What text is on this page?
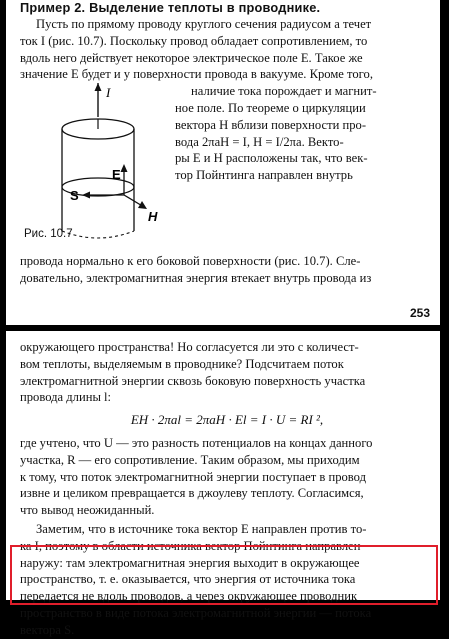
Пример 2. Выделение теплоты в проводнике.

Пусть по прямому проводу круглого сечения радиусом a течет

ток I (рис. 10.7). Поскольку провод обладает сопротивлением, то

вдоль него действует некоторое электрическое поле E. Такое же

значение E будет и у поверхности провода в вакууме. Кроме того,

I
E
S
H
Рис. 10.7

наличие тока порождает и магнит-

ное поле. По теореме о циркуляции

вектора H вблизи поверхности про-

вода 2πaH = I, H = I/2πa. Векто-

ры E и H расположены так, что век-

тор Пойнтинга направлен внутрь

провода нормально к его боковой поверхности (рис. 10.7). Сле-

довательно, электромагнитная энергия втекает внутрь провода из

253

окружающего пространства! Но согласуется ли это с количест-

вом теплоты, выделяемым в проводнике? Подсчитаем поток

электромагнитной энергии сквозь боковую поверхность участка

провода длины l:

EH · 2πal = 2πaH · El = I · U = RI ²,

где учтено, что U — это разность потенциалов на концах данного

участка, R — его сопротивление. Таким образом, мы приходим

к тому, что поток электромагнитной энергии поступает в провод

извне и целиком превращается в джоулеву теплоту. Согласимся,

что вывод неожиданный.

Заметим, что в источнике тока вектор E направлен против то-

ка I, поэтому в области источника вектор Пойнтинга направлен

наружу: там электромагнитная энергия выходит в окружающее

пространство, т. е. оказывается, что энергия от источника тока

передается не вдоль проводов, а через окружающее проводник

пространство в виде потока электромагнитной энергии — потока

вектора S.
